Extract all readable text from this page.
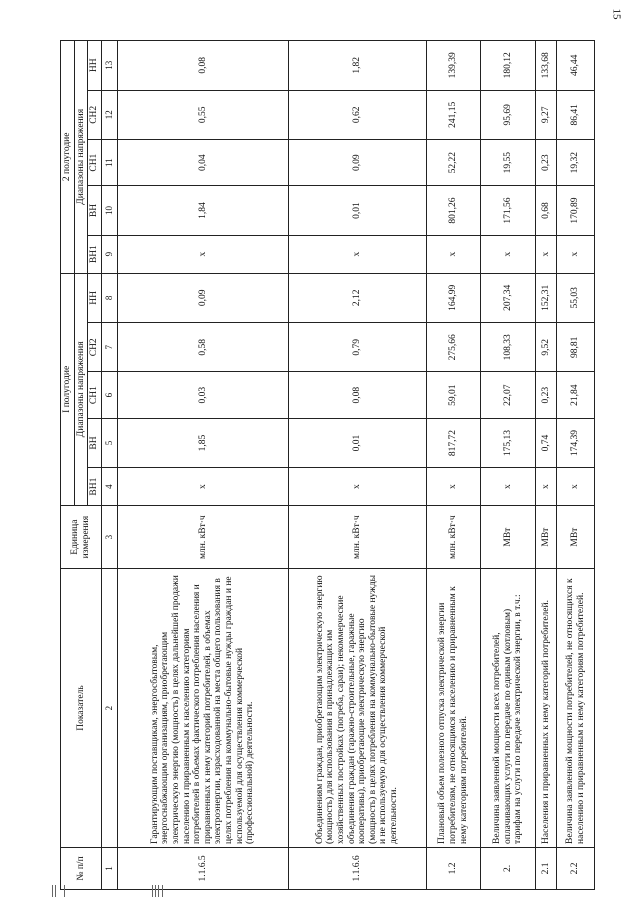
15
№ п/п	Показатель	Единица измерения	I полугодие					2 полугодие				
			Диапазоны напряжения					Диапазоны напряжения				
			ВН1	ВН	СН1	СН2	НН	ВН1	ВН	СН1	СН2	НН
1	2	3	4	5	6	7	8	9	10	11	12	13
1.1.6.5	Гарантирующим поставщикам, энергосбытовым, энергоснабжающим организациям, приобретающим электрическую энергию (мощность) в целях дальнейшей продажи населению и приравненным к населению категориям потребителей в объемах фактического потребления населения и приравненных к нему категорий потребителей, в объемах электроэнергии, израсходованной на места общего пользования в целях потребления на коммунально-бытовые нужды граждан и не используемой для осуществления коммерческой (профессиональной) деятельности.	млн. кВт·ч	х	1,85	0,03	0,58	0,09	х	1,84	0,04	0,55	0,08
1.1.6.6	Объединениям граждан, приобретающим электрическую энергию (мощность) для использования в принадлежащих им хозяйственных постройках (погреба, сараи); некоммерческие объединения граждан (гаражно-строительные, гаражные кооперативы), приобретающие электрическую энергию (мощность) в целях потребления на коммунально-бытовые нужды и не используемую для осуществления коммерческой деятельности.	млн. кВт·ч	х	0,01	0,08	0,79	2,12	х	0,01	0,09	0,62	1,82
1.2	Плановый объем полезного отпуска электрической энергии потребителям, не относящимся к населению и приравненным к нему категориям потребителей.	млн. кВт·ч	х	817,72	59,01	275,66	164,99	х	801,26	52,22	241,15	139,39
2.	Величина заявленной мощности всех потребителей, оплачивающих услуги по передаче по единым (котловым) тарифам на услуги по передаче электрической энергии, в т.ч.:	МВт	х	175,13	22,07	108,33	207,34	х	171,56	19,55	95,69	180,12
2.1	Населения и приравненных к нему категорий потребителей.	МВт	х	0,74	0,23	9,52	152,31	х	0,68	0,23	9,27	133,68
2.2	Величина заявленной мощности потребителей, не относящихся к населению и приравненным к нему категориям потребителей.	МВт	х	174,39	21,84	98,81	55,03	х	170,89	19,32	86,41	46,44
